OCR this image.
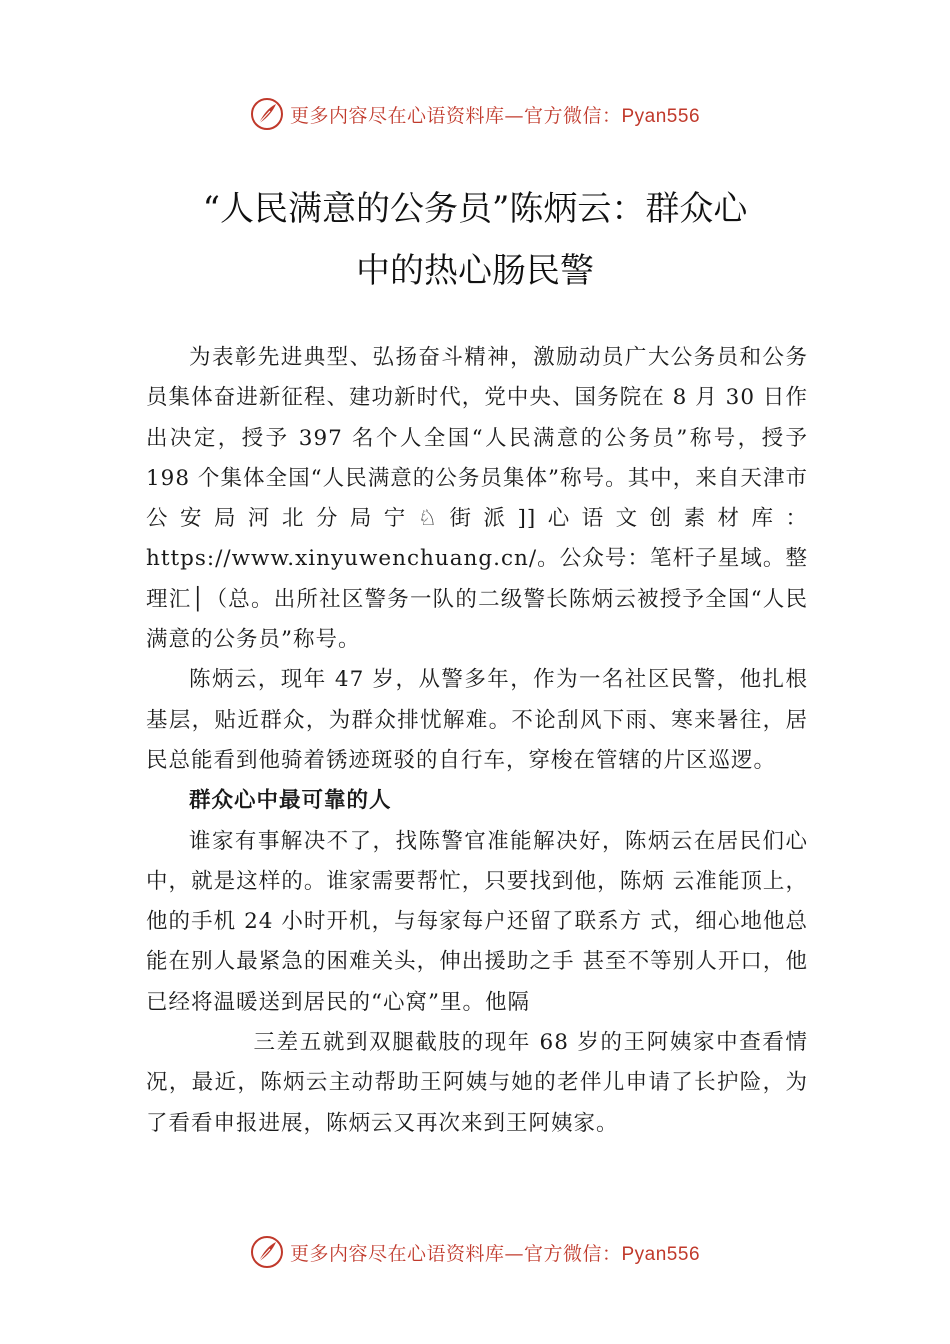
更多内容尽在心语资料库—官方微信：Pyan556
“人民满意的公务员”陈炳云：群众心
中的热心肠民警

为表彰先进典型、弘扬奋斗精神，激励动员广大公务员和公务员集体奋进新征程、建功新时代，党中央、国务院在 8 月 30 日作出决定，授予 397 名个人全国“人民满意的公务员”称号，授予 198 个集体全国“人民满意的公务员集体”称号。其中，来自天津市公安局河北分局宁♘街派]]心语文创素材库：https://www.xinyuwenchuang.cn/。公众号：笔杆子星域。整理汇│（总。出所社区警务一队的二级警长陈炳云被授予全国“人民满意的公务员”称号。

陈炳云，现年 47 岁，从警多年，作为一名社区民警，他扎根基层，贴近群众，为群众排忧解难。不论刮风下雨、寒来暑往，居民总能看到他骑着锈迹斑驳的自行车，穿梭在管辖的片区巡逻。

群众心中最可靠的人

谁家有事解决不了，找陈警官准能解决好，陈炳云在居民们心中，就是这样的。谁家需要帮忙，只要找到他，陈炳 云准能顶上，他的手机 24 小时开机，与每家每户还留了联系方 式，细心地他总能在别人最紧急的困难关头，伸出援助之手 甚至不等别人开口，他已经将温暖送到居民的“心窝”里。他隔

三差五就到双腿截肢的现年 68 岁的王阿姨家中查看情况，最近，陈炳云主动帮助王阿姨与她的老伴儿申请了长护险，为了看看申报进展，陈炳云又再次来到王阿姨家。

更多内容尽在心语资料库—官方微信：Pyan556
